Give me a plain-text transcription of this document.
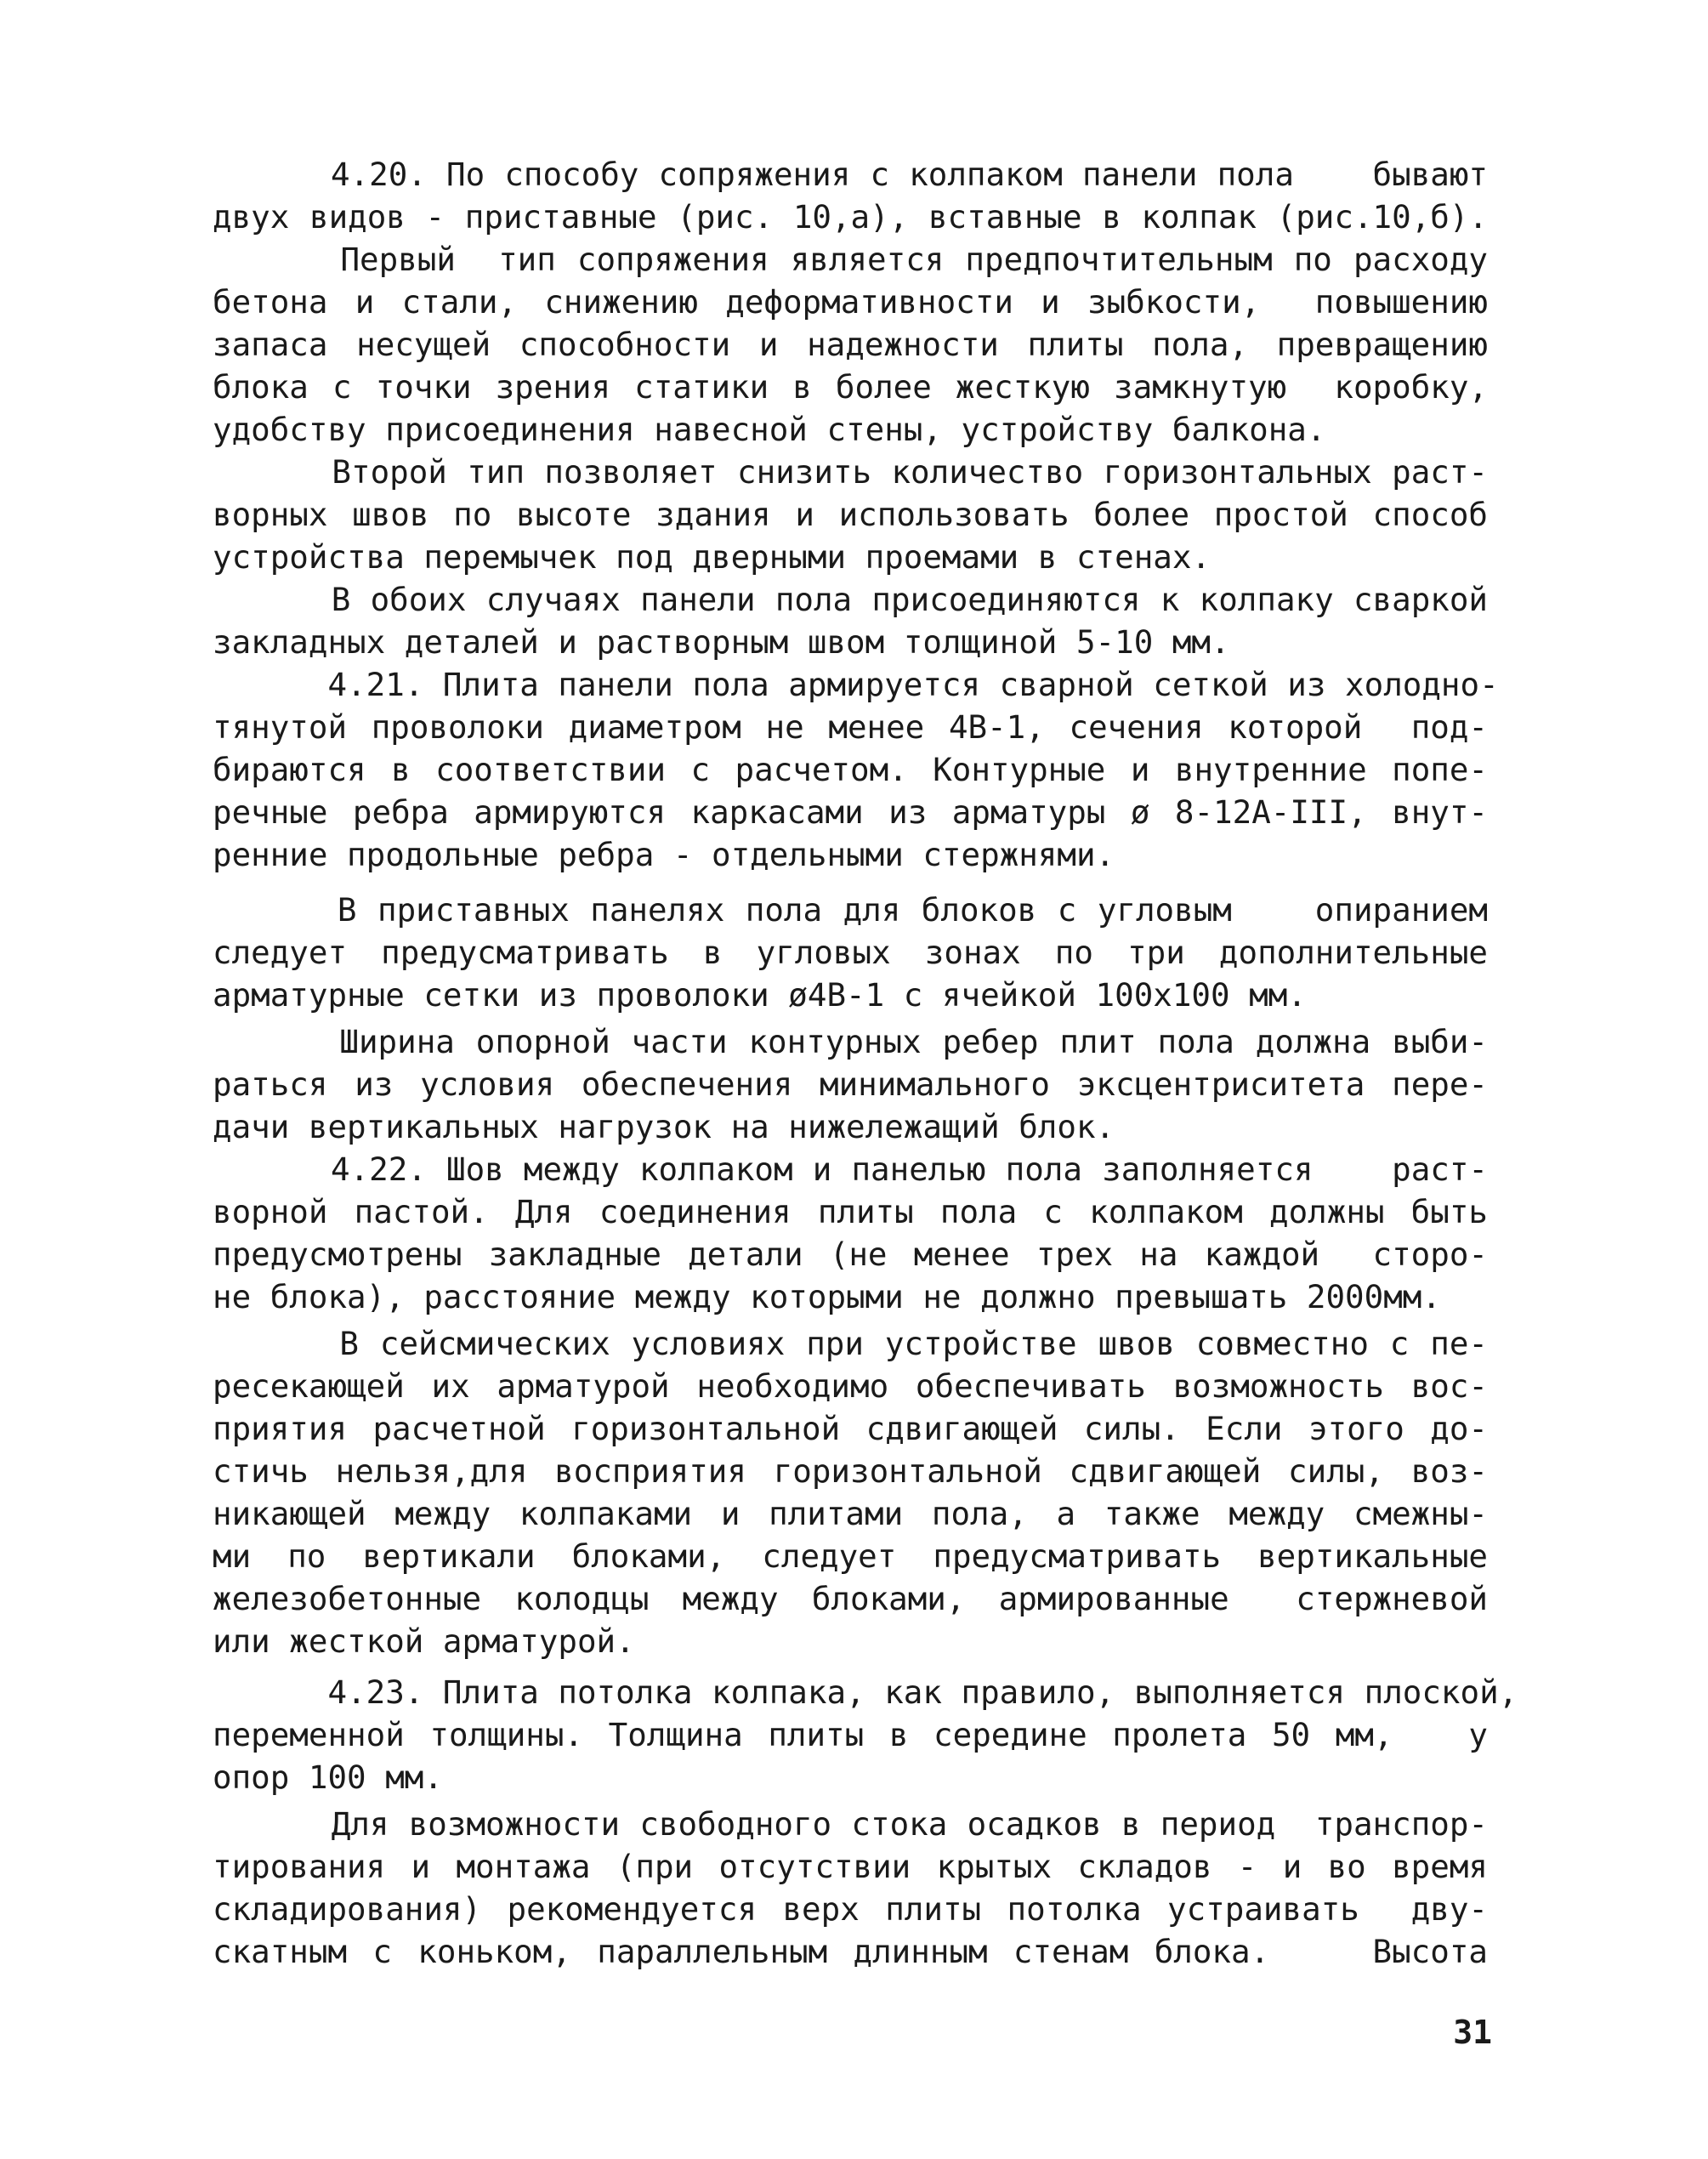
4.20. По способу сопряжения с колпаком панели пола    бывают
двух видов - приставные (рис. 10,а), вставные в колпак (рис.10,б).
Первый  тип сопряжения является предпочтительным по расходу
бетона и стали, снижению деформативности и зыбкости,  повышению
запаса несущей способности и надежности плиты пола, превращению
блока с точки зрения статики в более жесткую замкнутую  коробку,
удобству присоединения навесной стены, устройству балкона.
Второй тип позволяет снизить количество горизонтальных раст-
ворных швов по высоте здания и использовать более простой способ
устройства перемычек под дверными проемами в стенах.
В обоих случаях панели пола присоединяются к колпаку сваркой
закладных деталей и растворным швом толщиной 5-10 мм.
4.21. Плита панели пола армируется сварной сеткой из холодно-
тянутой проволоки диаметром не менее 4В-1, сечения которой  под-
бираются в соответствии с расчетом. Контурные и внутренние попе-
речные ребра армируются каркасами из арматуры ø 8-12А-III, внут-
ренние продольные ребра - отдельными стержнями.
В приставных панелях пола для блоков с угловым    опиранием
следует предусматривать в угловых зонах по три дополнительные
арматурные сетки из проволоки ø4В-1 с ячейкой 100х100 мм.
Ширина опорной части контурных ребер плит пола должна выби-
раться из условия обеспечения минимального эксцентриситета пере-
дачи вертикальных нагрузок на нижележащий блок.
4.22. Шов между колпаком и панелью пола заполняется    раст-
ворной пастой. Для соединения плиты пола с колпаком должны быть
предусмотрены закладные детали (не менее трех на каждой  сторо-
не блока), расстояние между которыми не должно превышать 2000мм.
В сейсмических условиях при устройстве швов совместно с пе-
ресекающей их арматурой необходимо обеспечивать возможность вос-
приятия расчетной горизонтальной сдвигающей силы. Если этого до-
стичь нельзя,для восприятия горизонтальной сдвигающей силы, воз-
никающей между колпаками и плитами пола, а также между смежны-
ми по вертикали блоками, следует предусматривать вертикальные
железобетонные колодцы между блоками, армированные  стержневой
или жесткой арматурой.
4.23. Плита потолка колпака, как правило, выполняется плоской,
переменной толщины. Толщина плиты в середине пролета 50 мм,   у
опор 100 мм.
Для возможности свободного стока осадков в период  транспор-
тирования и монтажа (при отсутствии крытых складов - и во время
складирования) рекомендуется верх плиты потолка устраивать  дву-
скатным с коньком, параллельным длинным стенам блока.    Высота
31
